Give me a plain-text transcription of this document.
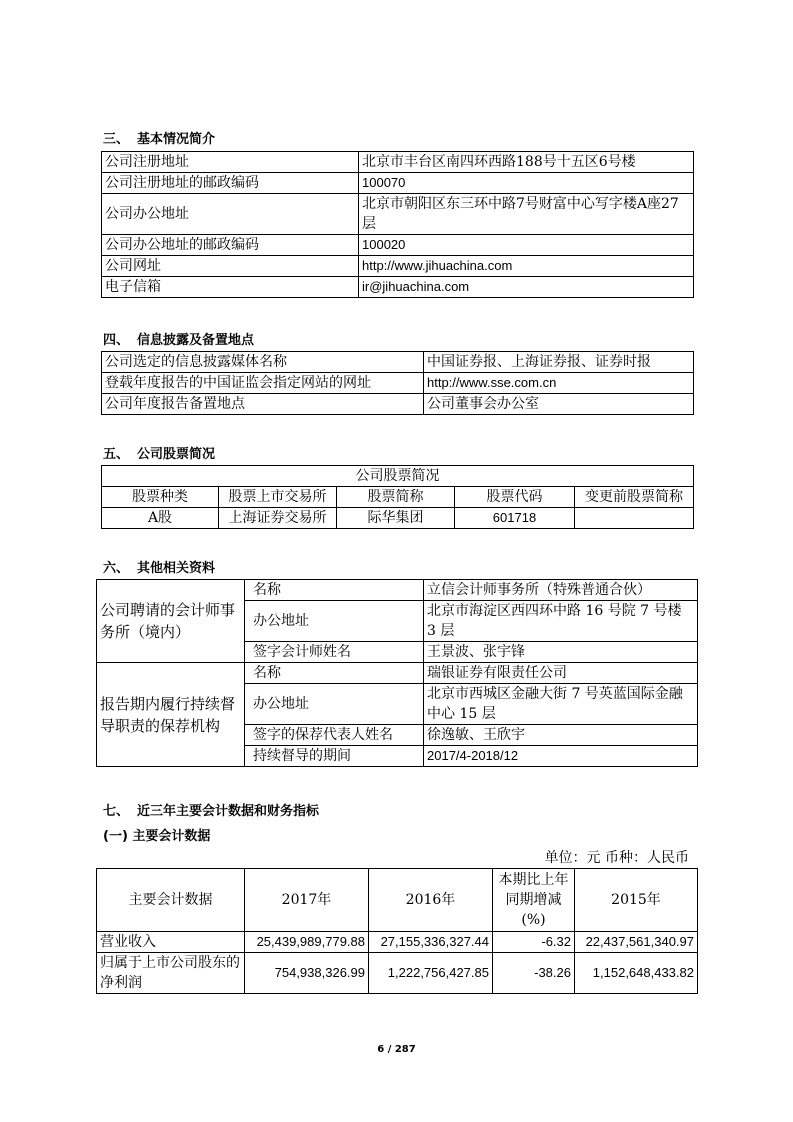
三、 基本情况简介
公司注册地址	北京市丰台区南四环西路188号十五区6号楼
公司注册地址的邮政编码	100070
公司办公地址	北京市朝阳区东三环中路7号财富中心写字楼A座27层
公司办公地址的邮政编码	100020
公司网址	http://www.jihuachina.com
电子信箱	ir@jihuachina.com
四、 信息披露及备置地点
公司选定的信息披露媒体名称	中国证券报、上海证券报、证券时报
登载年度报告的中国证监会指定网站的网址	http://www.sse.com.cn
公司年度报告备置地点	公司董事会办公室
五、 公司股票简况
公司股票简况				
股票种类	股票上市交易所	股票简称	股票代码	变更前股票简称
A股	上海证券交易所	际华集团	601718	
六、 其他相关资料
公司聘请的会计师事务所（境内）	名称	立信会计师事务所（特殊普通合伙）
	办公地址	北京市海淀区西四环中路 16 号院 7 号楼 3 层
	签字会计师姓名	王景波、张宇锋
报告期内履行持续督导职责的保荐机构	名称	瑞银证券有限责任公司
	办公地址	北京市西城区金融大街 7 号英蓝国际金融中心 15 层
	签字的保荐代表人姓名	徐逸敏、王欣宇
	持续督导的期间	2017/4-2018/12
七、 近三年主要会计数据和财务指标
(一) 主要会计数据
单位：元 币种：人民币
主要会计数据	2017年	2016年	本期比上年同期增减(%)	2015年
营业收入	25,439,989,779.88	27,155,336,327.44	-6.32	22,437,561,340.97
归属于上市公司股东的净利润	754,938,326.99	1,222,756,427.85	-38.26	1,152,648,433.82
6 / 287
